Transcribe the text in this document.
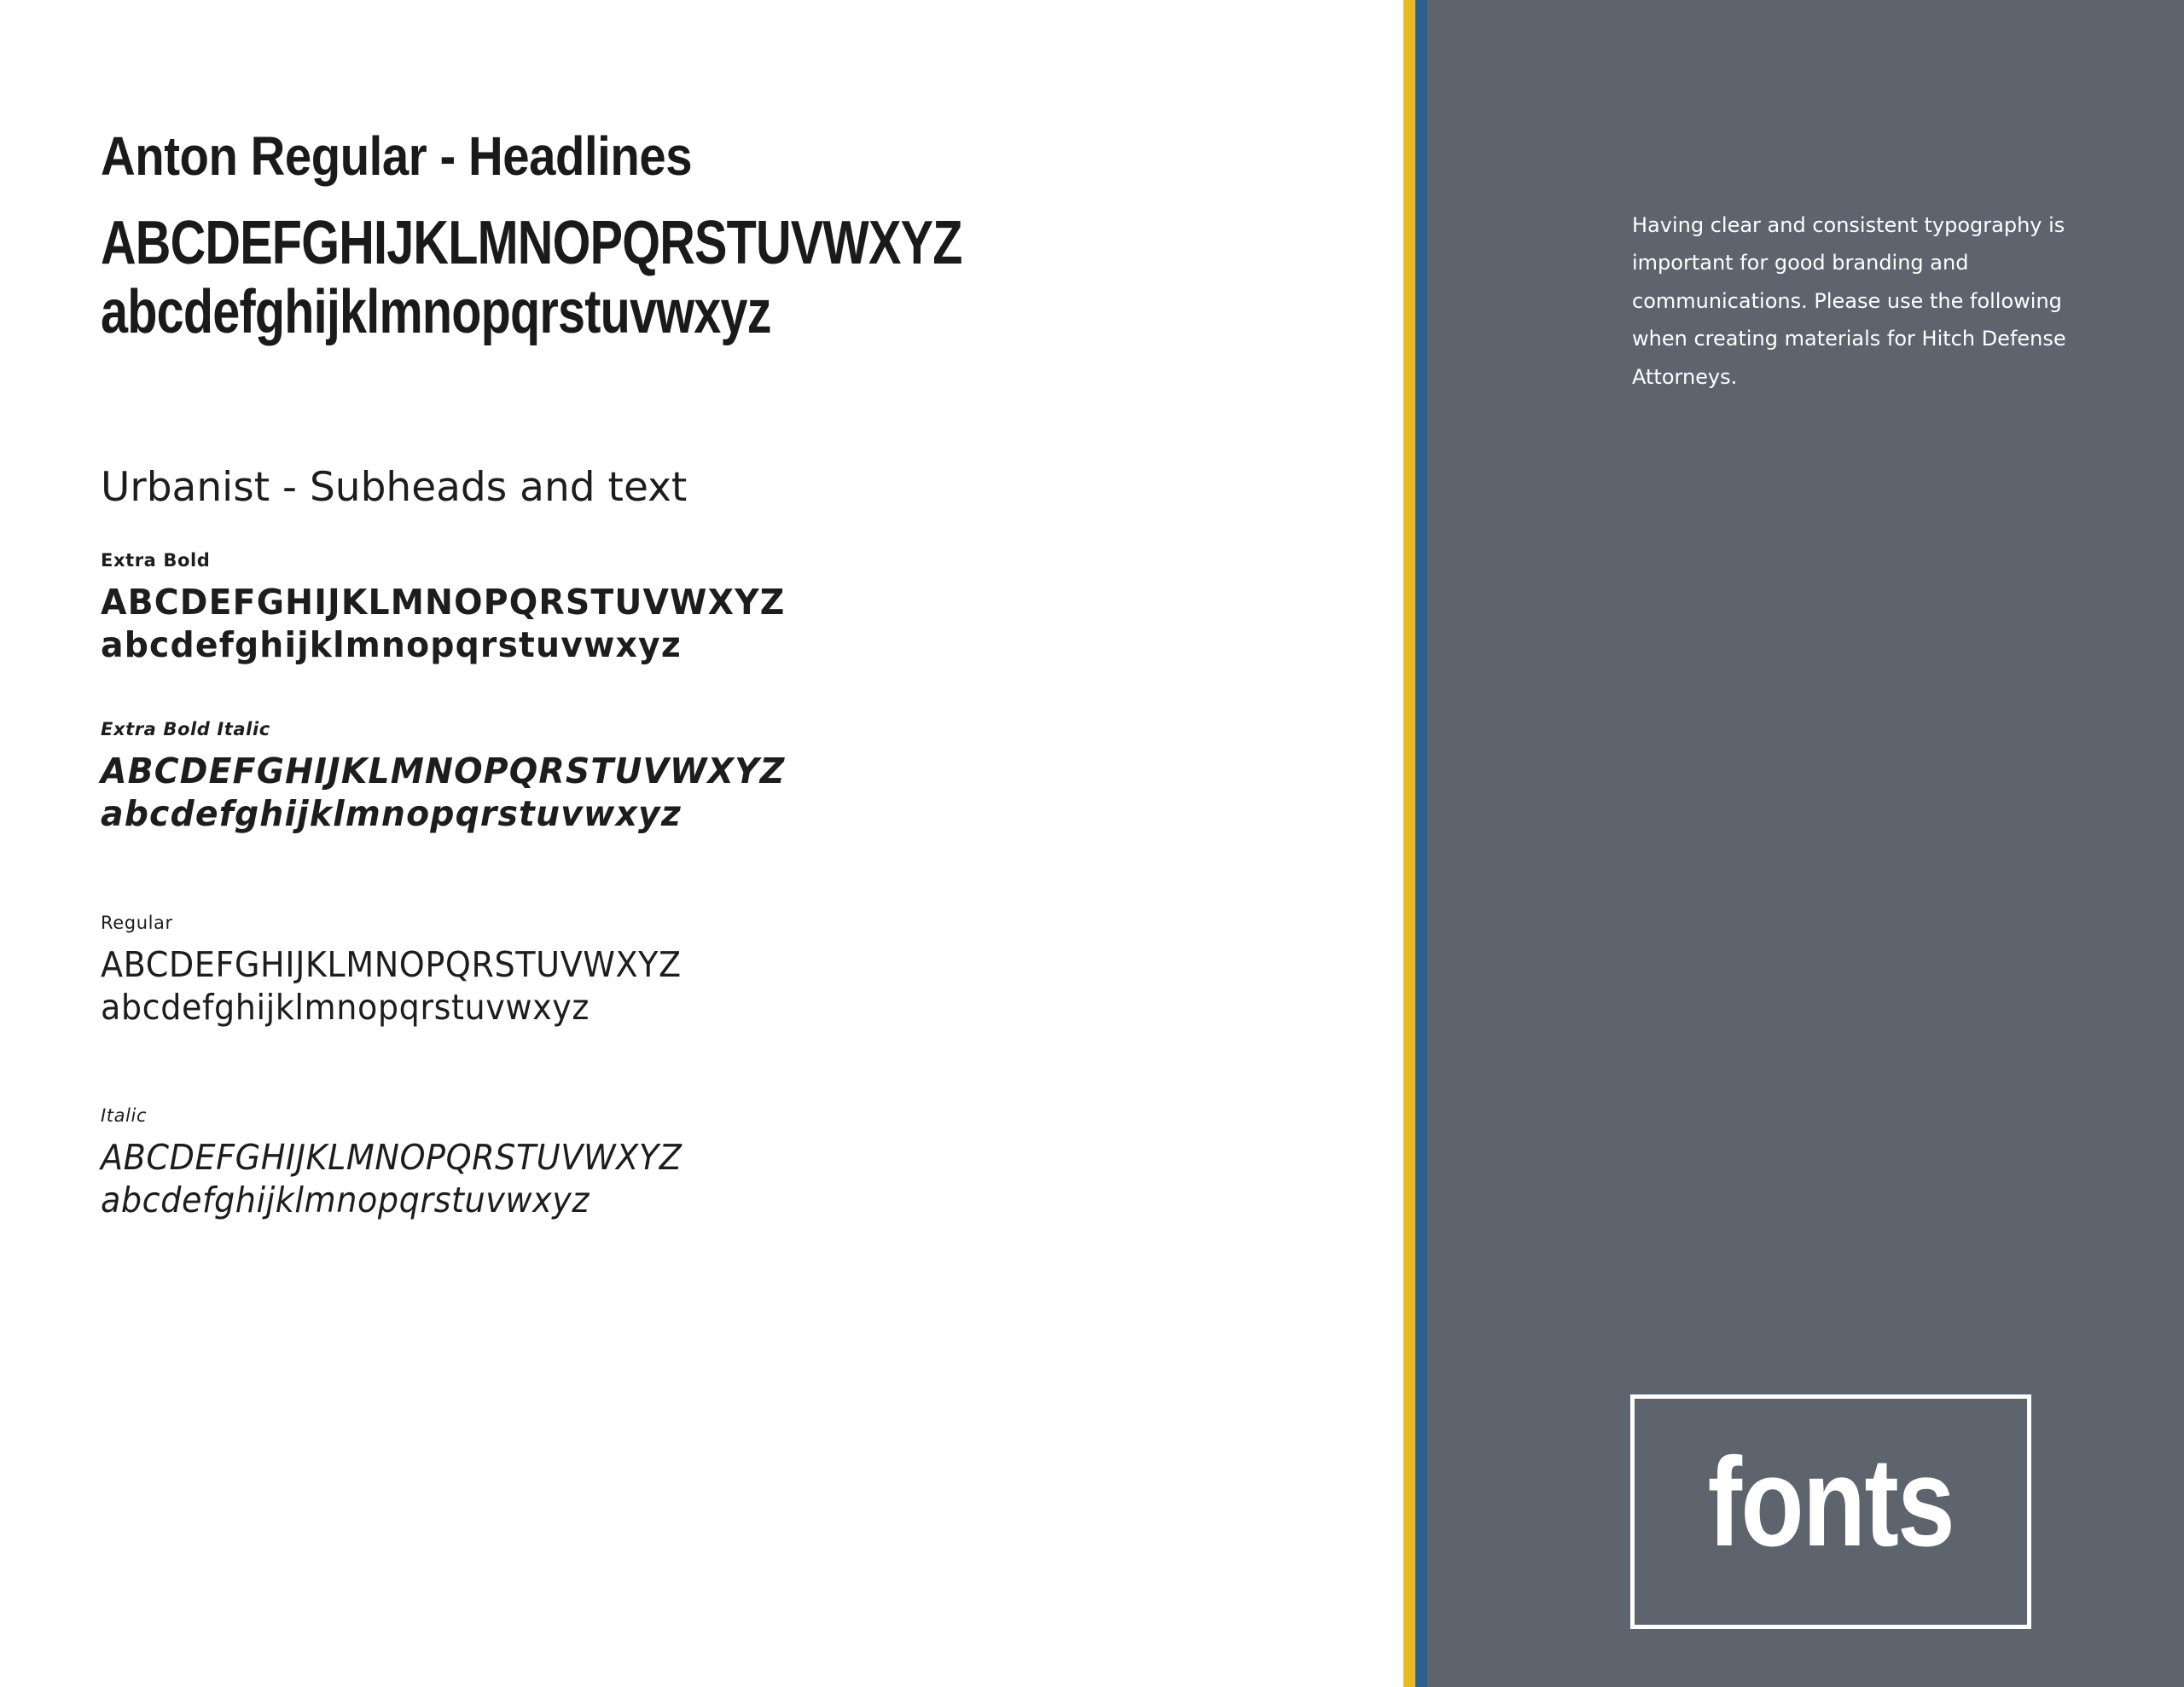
Anton Regular - Headlines
ABCDEFGHIJKLMNOPQRSTUVWXYZ
abcdefghijklmnopqrstuvwxyz
Urbanist - Subheads and text
Extra Bold
ABCDEFGHIJKLMNOPQRSTUVWXYZ
abcdefghijklmnopqrstuvwxyz
Extra Bold Italic
ABCDEFGHIJKLMNOPQRSTUVWXYZ
abcdefghijklmnopqrstuvwxyz
Regular
ABCDEFGHIJKLMNOPQRSTUVWXYZ
abcdefghijklmnopqrstuvwxyz
Italic
ABCDEFGHIJKLMNOPQRSTUVWXYZ
abcdefghijklmnopqrstuvwxyz

Having clear and consistent typography is important for good branding and communications. Please use the following when creating materials for Hitch Defense Attorneys.

fonts
